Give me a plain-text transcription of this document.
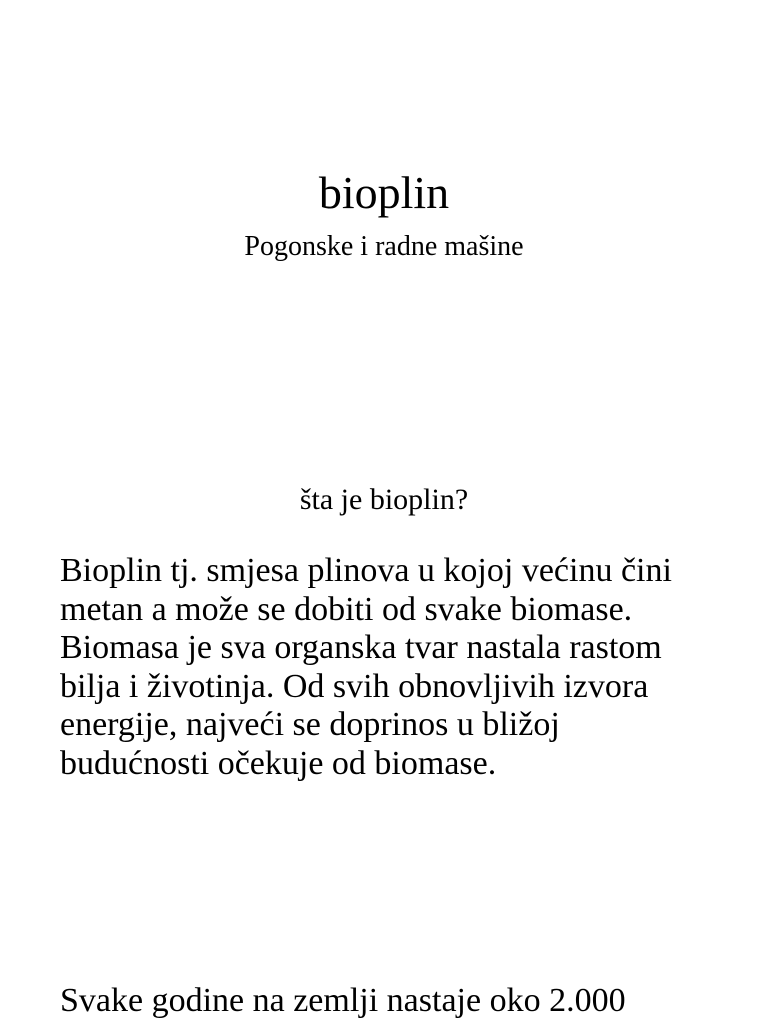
bioplin

Pogonske i radne mašine

šta je bioplin?

Bioplin tj. smjesa plinova u kojoj većinu čini
metan a može se dobiti od svake biomase.
Biomasa je sva organska tvar nastala rastom
bilja i životinja. Od svih obnovljivih izvora
energije, najveći se doprinos u bližoj
budućnosti očekuje od biomase.

Svake godine na zemlji nastaje oko 2.000
